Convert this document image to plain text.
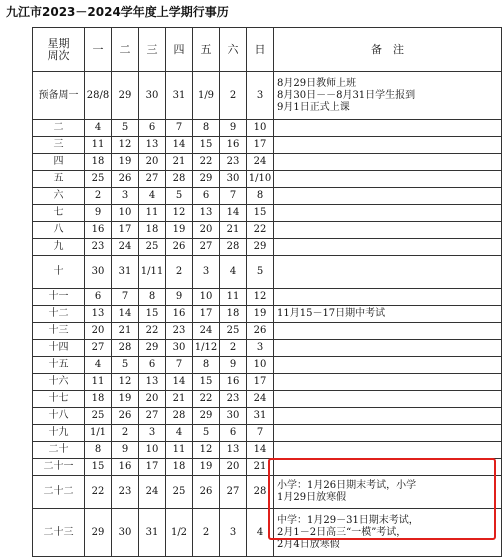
九江市2023－2024学年度上学期行事历
星期
周次	一	二	三	四	五	六	日	备　注
预备周一	28/8	29	30	31	1/9	2	3	8月29日教师上班
8月30日－－8月31日学生报到
9月1日正式上课

二	4	5	6	7	8	9	10	
三	11	12	13	14	15	16	17	
四	18	19	20	21	22	23	24	
五	25	26	27	28	29	30	1/10	
六	2	3	4	5	6	7	8	
七	9	10	11	12	13	14	15	
八	16	17	18	19	20	21	22	
九	23	24	25	26	27	28	29	
十	30	31	1/11	2	3	4	5	
十一	6	7	8	9	10	11	12	
十二	13	14	15	16	17	18	19	11月15－17日期中考试

十三	20	21	22	23	24	25	26	
十四	27	28	29	30	1/12	2	3	
十五	4	5	6	7	8	9	10	
十六	11	12	13	14	15	16	17	
十七	18	19	20	21	22	23	24	
十八	25	26	27	28	29	30	31	
十九	1/1	2	3	4	5	6	7	
二十	8	9	10	11	12	13	14	
二十一	15	16	17	18	19	20	21	
二十二	22	23	24	25	26	27	28	小学：1月26日期末考试，小学
1月29日放寒假

二十三	29	30	31	1/2	2	3	4	中学：1月29－31日期末考试，
2月1－2日高三“一模”考试，
2月4日放寒假
